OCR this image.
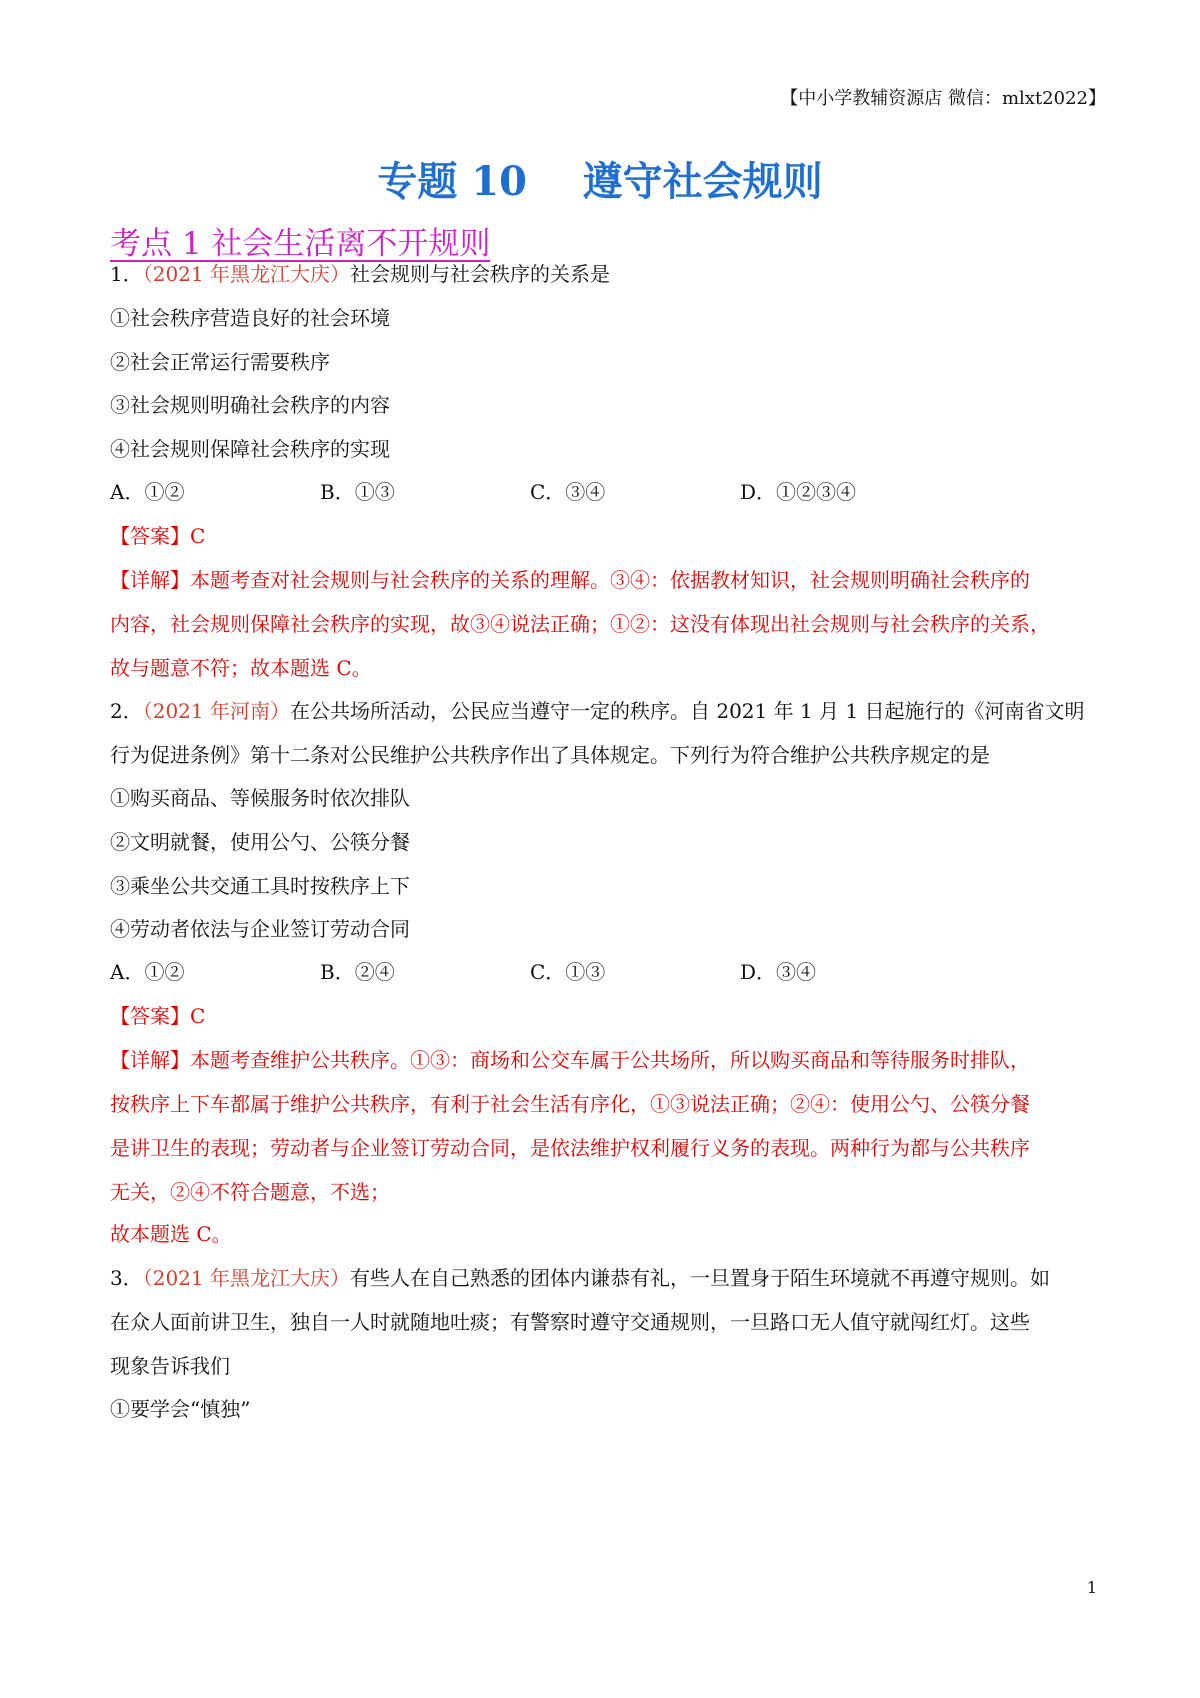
【中小学教辅资源店 微信：mlxt2022】
专题 10    遵守社会规则
考点 1 社会生活离不开规则
1．（2021 年黑龙江大庆）社会规则与社会秩序的关系是
①社会秩序营造良好的社会环境
②社会正常运行需要秩序
③社会规则明确社会秩序的内容
④社会规则保障社会秩序的实现
A．①②	B．①③	C．③④	D．①②③④
【答案】C
【详解】本题考查对社会规则与社会秩序的关系的理解。③④：依据教材知识，社会规则明确社会秩序的
内容，社会规则保障社会秩序的实现，故③④说法正确；①②：这没有体现出社会规则与社会秩序的关系，
故与题意不符；故本题选 C。
2．（2021 年河南）在公共场所活动，公民应当遵守一定的秩序。自 2021 年 1 月 1 日起施行的《河南省文明
行为促进条例》第十二条对公民维护公共秩序作出了具体规定。下列行为符合维护公共秩序规定的是
①购买商品、等候服务时依次排队
②文明就餐，使用公勺、公筷分餐
③乘坐公共交通工具时按秩序上下
④劳动者依法与企业签订劳动合同
A．①②	B．②④	C．①③	D．③④
【答案】C
【详解】本题考查维护公共秩序。①③：商场和公交车属于公共场所，所以购买商品和等待服务时排队，
按秩序上下车都属于维护公共秩序，有利于社会生活有序化，①③说法正确；②④：使用公勺、公筷分餐
是讲卫生的表现；劳动者与企业签订劳动合同，是依法维护权利履行义务的表现。两种行为都与公共秩序
无关，②④不符合题意，不选；
故本题选 C。
3．（2021 年黑龙江大庆）有些人在自己熟悉的团体内谦恭有礼，一旦置身于陌生环境就不再遵守规则。如
在众人面前讲卫生，独自一人时就随地吐痰；有警察时遵守交通规则，一旦路口无人值守就闯红灯。这些
现象告诉我们
①要学会“慎独”
1
